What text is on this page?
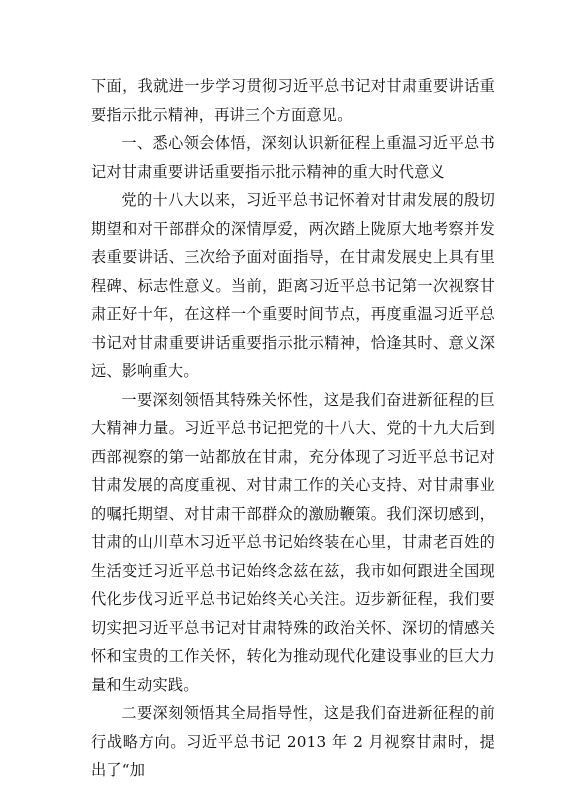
下面，我就进一步学习贯彻习近平总书记对甘肃重要讲话重要指示批示精神，再讲三个方面意见。

一、悉心领会体悟，深刻认识新征程上重温习近平总书记对甘肃重要讲话重要指示批示精神的重大时代意义

党的十八大以来，习近平总书记怀着对甘肃发展的殷切期望和对干部群众的深情厚爱，两次踏上陇原大地考察并发表重要讲话、三次给予面对面指导，在甘肃发展史上具有里程碑、标志性意义。当前，距离习近平总书记第一次视察甘肃正好十年，在这样一个重要时间节点，再度重温习近平总书记对甘肃重要讲话重要指示批示精神，恰逢其时、意义深远、影响重大。

一要深刻领悟其特殊关怀性，这是我们奋进新征程的巨大精神力量。习近平总书记把党的十八大、党的十九大后到西部视察的第一站都放在甘肃，充分体现了习近平总书记对甘肃发展的高度重视、对甘肃工作的关心支持、对甘肃事业的嘱托期望、对甘肃干部群众的激励鞭策。我们深切感到，甘肃的山川草木习近平总书记始终装在心里，甘肃老百姓的生活变迁习近平总书记始终念兹在兹，我市如何跟进全国现代化步伐习近平总书记始终关心关注。迈步新征程，我们要切实把习近平总书记对甘肃特殊的政治关怀、深切的情感关怀和宝贵的工作关怀，转化为推动现代化建设事业的巨大力量和生动实践。

二要深刻领悟其全局指导性，这是我们奋进新征程的前行战略方向。习近平总书记 2013 年 2 月视察甘肃时，提出了“加
